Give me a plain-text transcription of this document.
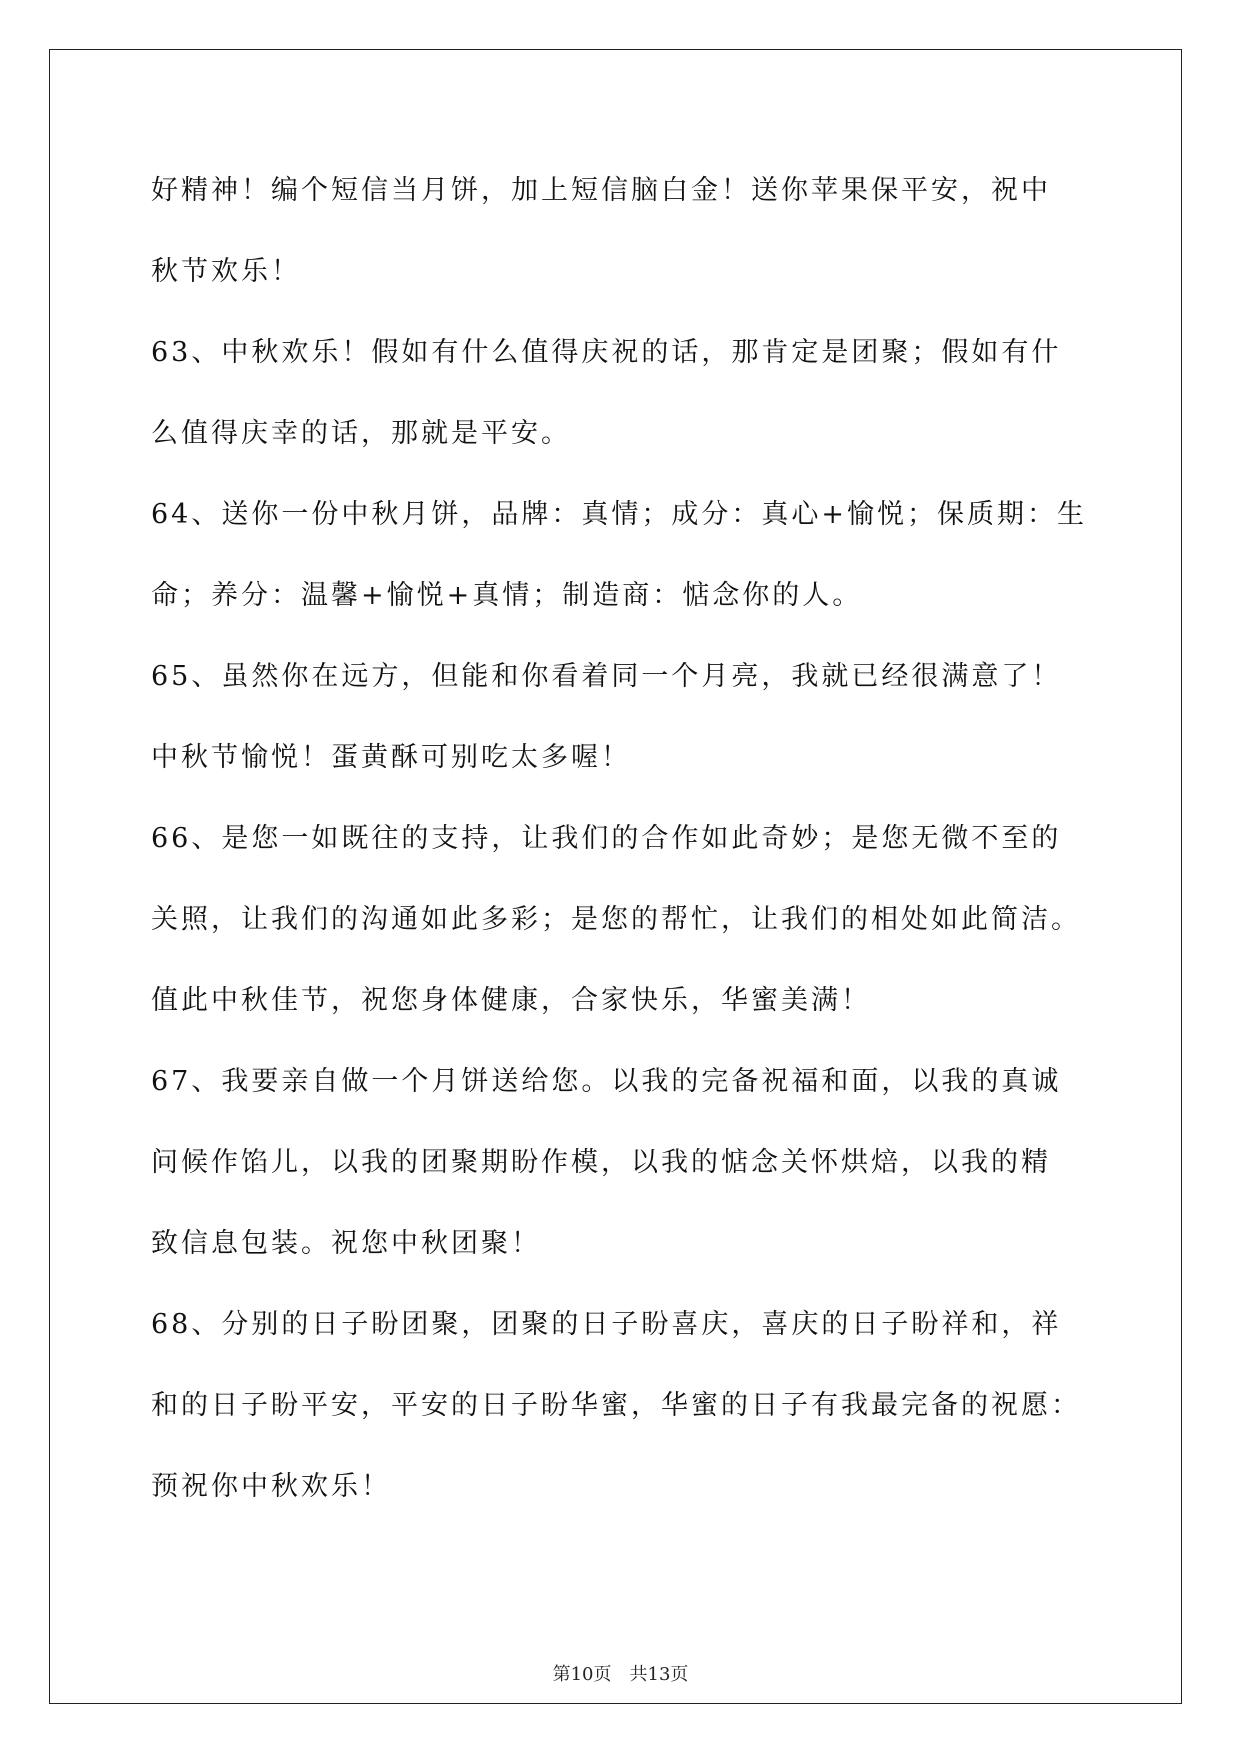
好精神！编个短信当月饼，加上短信脑白金！送你苹果保平安，祝中
秋节欢乐！
63、中秋欢乐！假如有什么值得庆祝的话，那肯定是团聚；假如有什
么值得庆幸的话，那就是平安。
64、送你一份中秋月饼，品牌：真情；成分：真心+愉悦；保质期：生
命；养分：温馨+愉悦+真情；制造商：惦念你的人。
65、虽然你在远方，但能和你看着同一个月亮，我就已经很满意了！
中秋节愉悦！蛋黄酥可别吃太多喔！
66、是您一如既往的支持，让我们的合作如此奇妙；是您无微不至的
关照，让我们的沟通如此多彩；是您的帮忙，让我们的相处如此简洁。
值此中秋佳节，祝您身体健康，合家快乐，华蜜美满！
67、我要亲自做一个月饼送给您。以我的完备祝福和面，以我的真诚
问候作馅儿，以我的团聚期盼作模，以我的惦念关怀烘焙，以我的精
致信息包装。祝您中秋团聚！
68、分别的日子盼团聚，团聚的日子盼喜庆，喜庆的日子盼祥和，祥
和的日子盼平安，平安的日子盼华蜜，华蜜的日子有我最完备的祝愿：
预祝你中秋欢乐！
第10页　共13页
